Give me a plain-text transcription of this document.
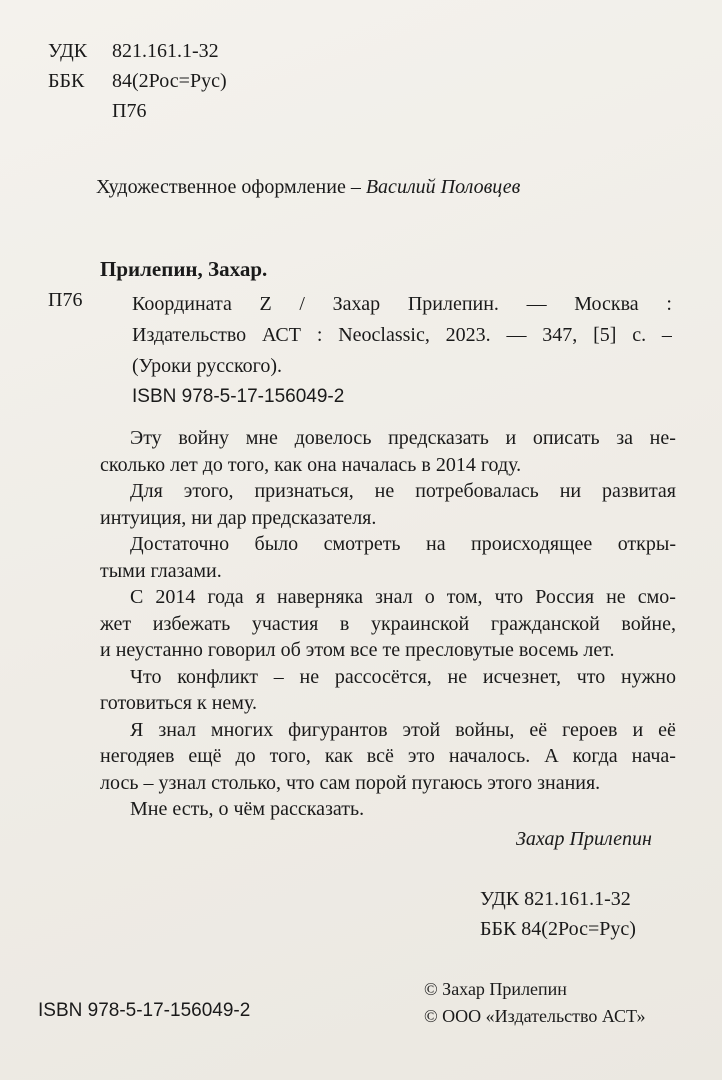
УДК 821.161.1-32
ББК 84(2Рос=Рус)
П76
Художественное оформление – Василий Половцев
Прилепин, Захар.
П76 Координата Z / Захар Прилепин. — Москва :
Издательство АСТ : Neoclassic, 2023. — 347, [5] с. –
(Уроки русского).
ISBN 978-5-17-156049-2
Эту войну мне довелось предсказать и описать за не-
сколько лет до того, как она началась в 2014 году.
Для этого, признаться, не потребовалась ни развитая
интуиция, ни дар предсказателя.
Достаточно было смотреть на происходящее откры-
тыми глазами.
С 2014 года я наверняка знал о том, что Россия не смо-
жет избежать участия в украинской гражданской войне,
и неустанно говорил об этом все те пресловутые восемь лет.
Что конфликт – не рассосётся, не исчезнет, что нужно
готовиться к нему.
Я знал многих фигурантов этой войны, её героев и её
негодяев ещё до того, как всё это началось. А когда нача-
лось – узнал столько, что сам порой пугаюсь этого знания.
Мне есть, о чём рассказать.
Захар Прилепин
УДК 821.161.1-32
ББК 84(2Рос=Рус)
© Захар Прилепин
© ООО «Издательство АСТ»
ISBN 978-5-17-156049-2
